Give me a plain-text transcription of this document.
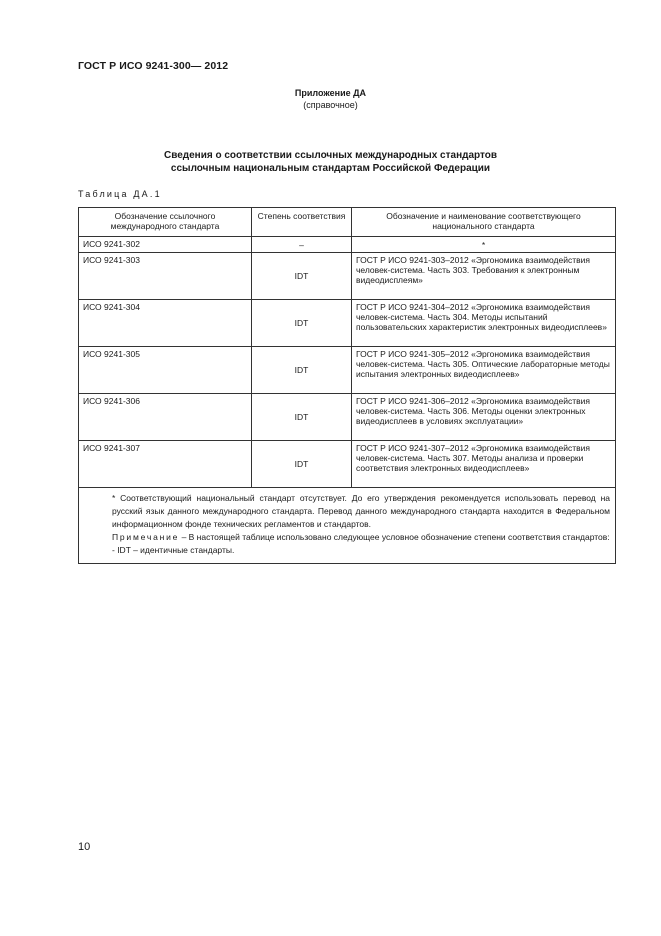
ГОСТ Р ИСО 9241-300— 2012
Приложение ДА
(справочное)
Сведения о соответствии ссылочных международных стандартов
ссылочным национальным стандартам Российской Федерации
Таблица ДА.1
Обозначение ссылочного международного стандарта	Степень соответствия	Обозначение и наименование соответствующего национального стандарта
ИСО 9241-302	–	*
ИСО 9241-303	IDT	ГОСТ Р ИСО 9241-303–2012 «Эргономика взаимодействия человек-система. Часть 303. Требования к электронным видеодисплеям»
ИСО 9241-304	IDT	ГОСТ Р ИСО 9241-304–2012 «Эргономика взаимодействия человек-система. Часть 304. Методы испытаний пользовательских характеристик электронных видеодисплеев»
ИСО 9241-305	IDT	ГОСТ Р ИСО 9241-305–2012 «Эргономика взаимодействия человек-система. Часть 305. Оптические лабораторные методы испытания электронных видеодисплеев»
ИСО 9241-306	IDT	ГОСТ Р ИСО 9241-306–2012 «Эргономика взаимодействия человек-система. Часть 306. Методы оценки электронных видеодисплеев в условиях эксплуатации»
ИСО 9241-307	IDT	ГОСТ Р ИСО 9241-307–2012 «Эргономика взаимодействия человек-система. Часть 307. Методы анализа и проверки соответствия электронных видеодисплеев»

* Соответствующий национальный стандарт отсутствует. До его утверждения рекомендуется использовать перевод на русский язык данного международного стандарта. Перевод данного международного стандарта находится в Федеральном информационном фонде технических регламентов и стандартов.
Примечание – В настоящей таблице использовано следующее условное обозначение степени соответствия стандартов:
- IDT – идентичные стандарты.		
10
